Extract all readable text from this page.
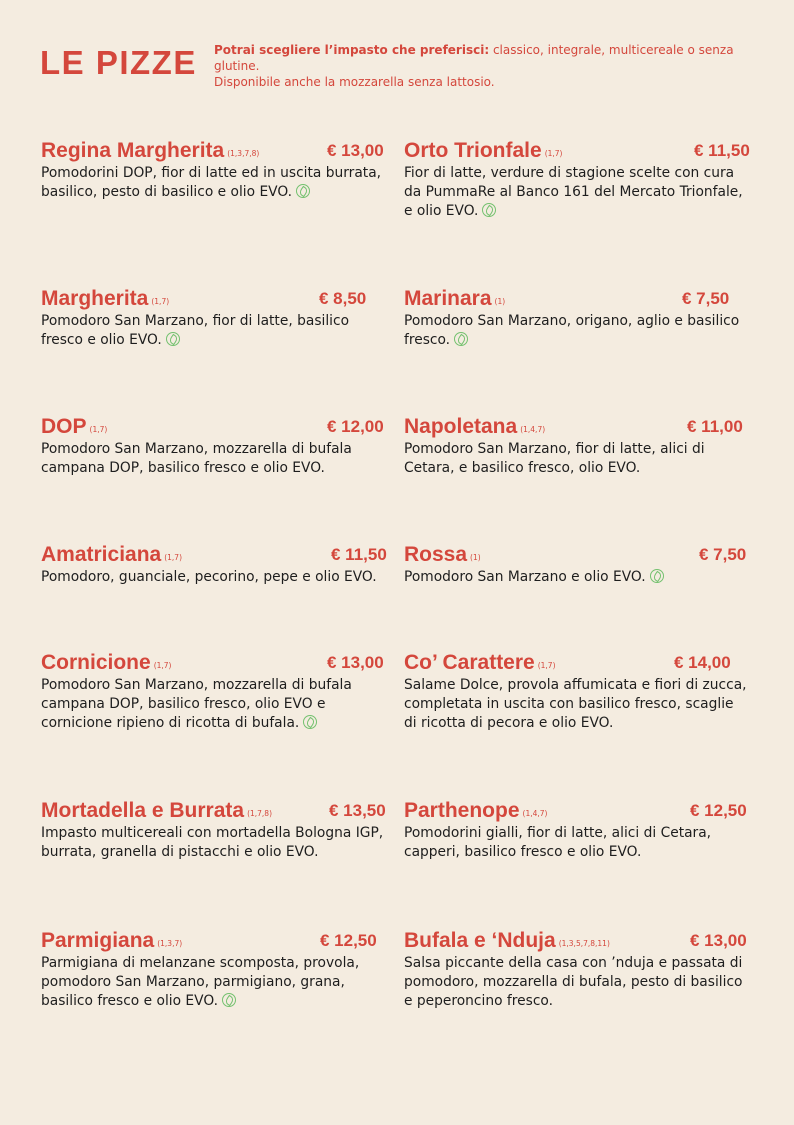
LE PIZZE Potrai scegliere l’impasto che preferisci: classico, integrale, multicereale o senza glutine.
Disponibile anche la mozzarella senza lattosio.
Regina Margherita (1,3,7,8)	€ 13,00

Pomodorini DOP, fior di latte ed in uscita burrata, basilico, pesto di basilico e olio EVO.

Margherita (1,7)	€ 8,50

Pomodoro San Marzano, fior di latte, basilico fresco e olio EVO.

DOP (1,7)	€ 12,00

Pomodoro San Marzano, mozzarella di bufala campana DOP, basilico fresco e olio EVO.

Amatriciana (1,7)	€ 11,50

Pomodoro, guanciale, pecorino, pepe e olio EVO.

Cornicione (1,7)	€ 13,00

Pomodoro San Marzano, mozzarella di bufala campana DOP, basilico fresco, olio EVO e cornicione ripieno di ricotta di bufala.

Mortadella e Burrata (1,7,8)	€ 13,50

Impasto multicereali con mortadella Bologna IGP, burrata, granella di pistacchi e olio EVO.

Parmigiana (1,3,7)	€ 12,50

Parmigiana di melanzane scomposta, provola, pomodoro San Marzano, parmigiano, grana, basilico fresco e olio EVO.

Orto Trionfale (1,7)	€ 11,50

Fior di latte, verdure di stagione scelte con cura da PummaRe al Banco 161 del Mercato Trionfale, e olio EVO.

Marinara (1)	€ 7,50

Pomodoro San Marzano, origano, aglio e basilico fresco.

Napoletana (1,4,7)	€ 11,00

Pomodoro San Marzano, fior di latte, alici di Cetara, e basilico fresco, olio EVO.

Rossa (1)	€ 7,50

Pomodoro San Marzano e olio EVO.

Co’ Carattere (1,7)	€ 14,00

Salame Dolce, provola affumicata e fiori di zucca, completata in uscita con basilico fresco, scaglie di ricotta di pecora e olio EVO.

Parthenope (1,4,7)	€ 12,50

Pomodorini gialli, fior di latte, alici di Cetara, capperi, basilico fresco e olio EVO.

Bufala e ‘Nduja (1,3,5,7,8,11)	€ 13,00

Salsa piccante della casa con ’nduja e passata di pomodoro, mozzarella di bufala, pesto di basilico e peperoncino fresco.
